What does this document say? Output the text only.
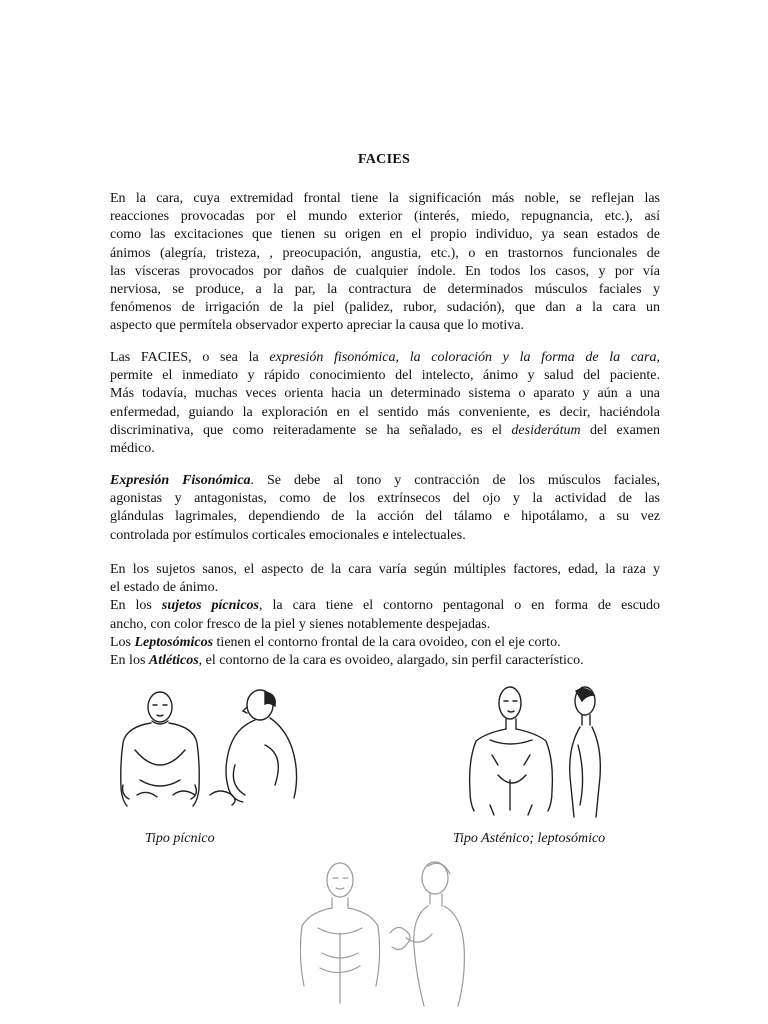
FACIES
En la cara, cuya extremidad frontal tiene la significación más noble, se reflejan las
reacciones provocadas por el mundo exterior (interés, miedo, repugnancia, etc.), así
como las excitaciones que tienen su origen en el propio individuo, ya sean estados de
ánimos (alegría, tristeza, , preocupación, angustia, etc.), o en trastornos funcionales de
las vísceras provocados por daños de cualquier índole. En todos los casos, y por vía
nerviosa, se produce, a la par, la contractura de determinados músculos faciales y
fenómenos de irrigación de la piel (palidez, rubor, sudación), que dan a la cara un
aspecto que permítela observador experto apreciar la causa que lo motiva.
Las FACIES, o sea la expresión fisonómica, la coloración y la forma de la cara,
permite el inmediato y rápido conocimiento del intelecto, ánimo y salud del paciente.
Más todavía, muchas veces orienta hacia un determinado sistema o aparato y aún a una
enfermedad, guiando la exploración en el sentido más conveniente, es decir, haciéndola
discriminativa, que como reiteradamente se ha señalado, es el desiderátum del examen
médico.
Expresión Fisonómica. Se debe al tono y contracción de los músculos faciales,
agonistas y antagonistas, como de los extrínsecos del ojo y la actividad de las
glándulas lagrimales, dependiendo de la acción del tálamo e hipotálamo, a su vez
controlada por estímulos corticales emocionales e intelectuales.
En los sujetos sanos, el aspecto de la cara varía según múltiples factores, edad, la raza y
el estado de ánimo.
En los sujetos pícnicos, la cara tiene el contorno pentagonal o en forma de escudo
ancho, con color fresco de la piel y sienes notablemente despejadas.
Los Leptosómicos tienen el contorno frontal de la cara ovoideo, con el eje corto.
En los Atléticos, el contorno de la cara es ovoideo, alargado, sin perfil característico.
Tipo pícnico	Tipo Asténico; leptosómico
